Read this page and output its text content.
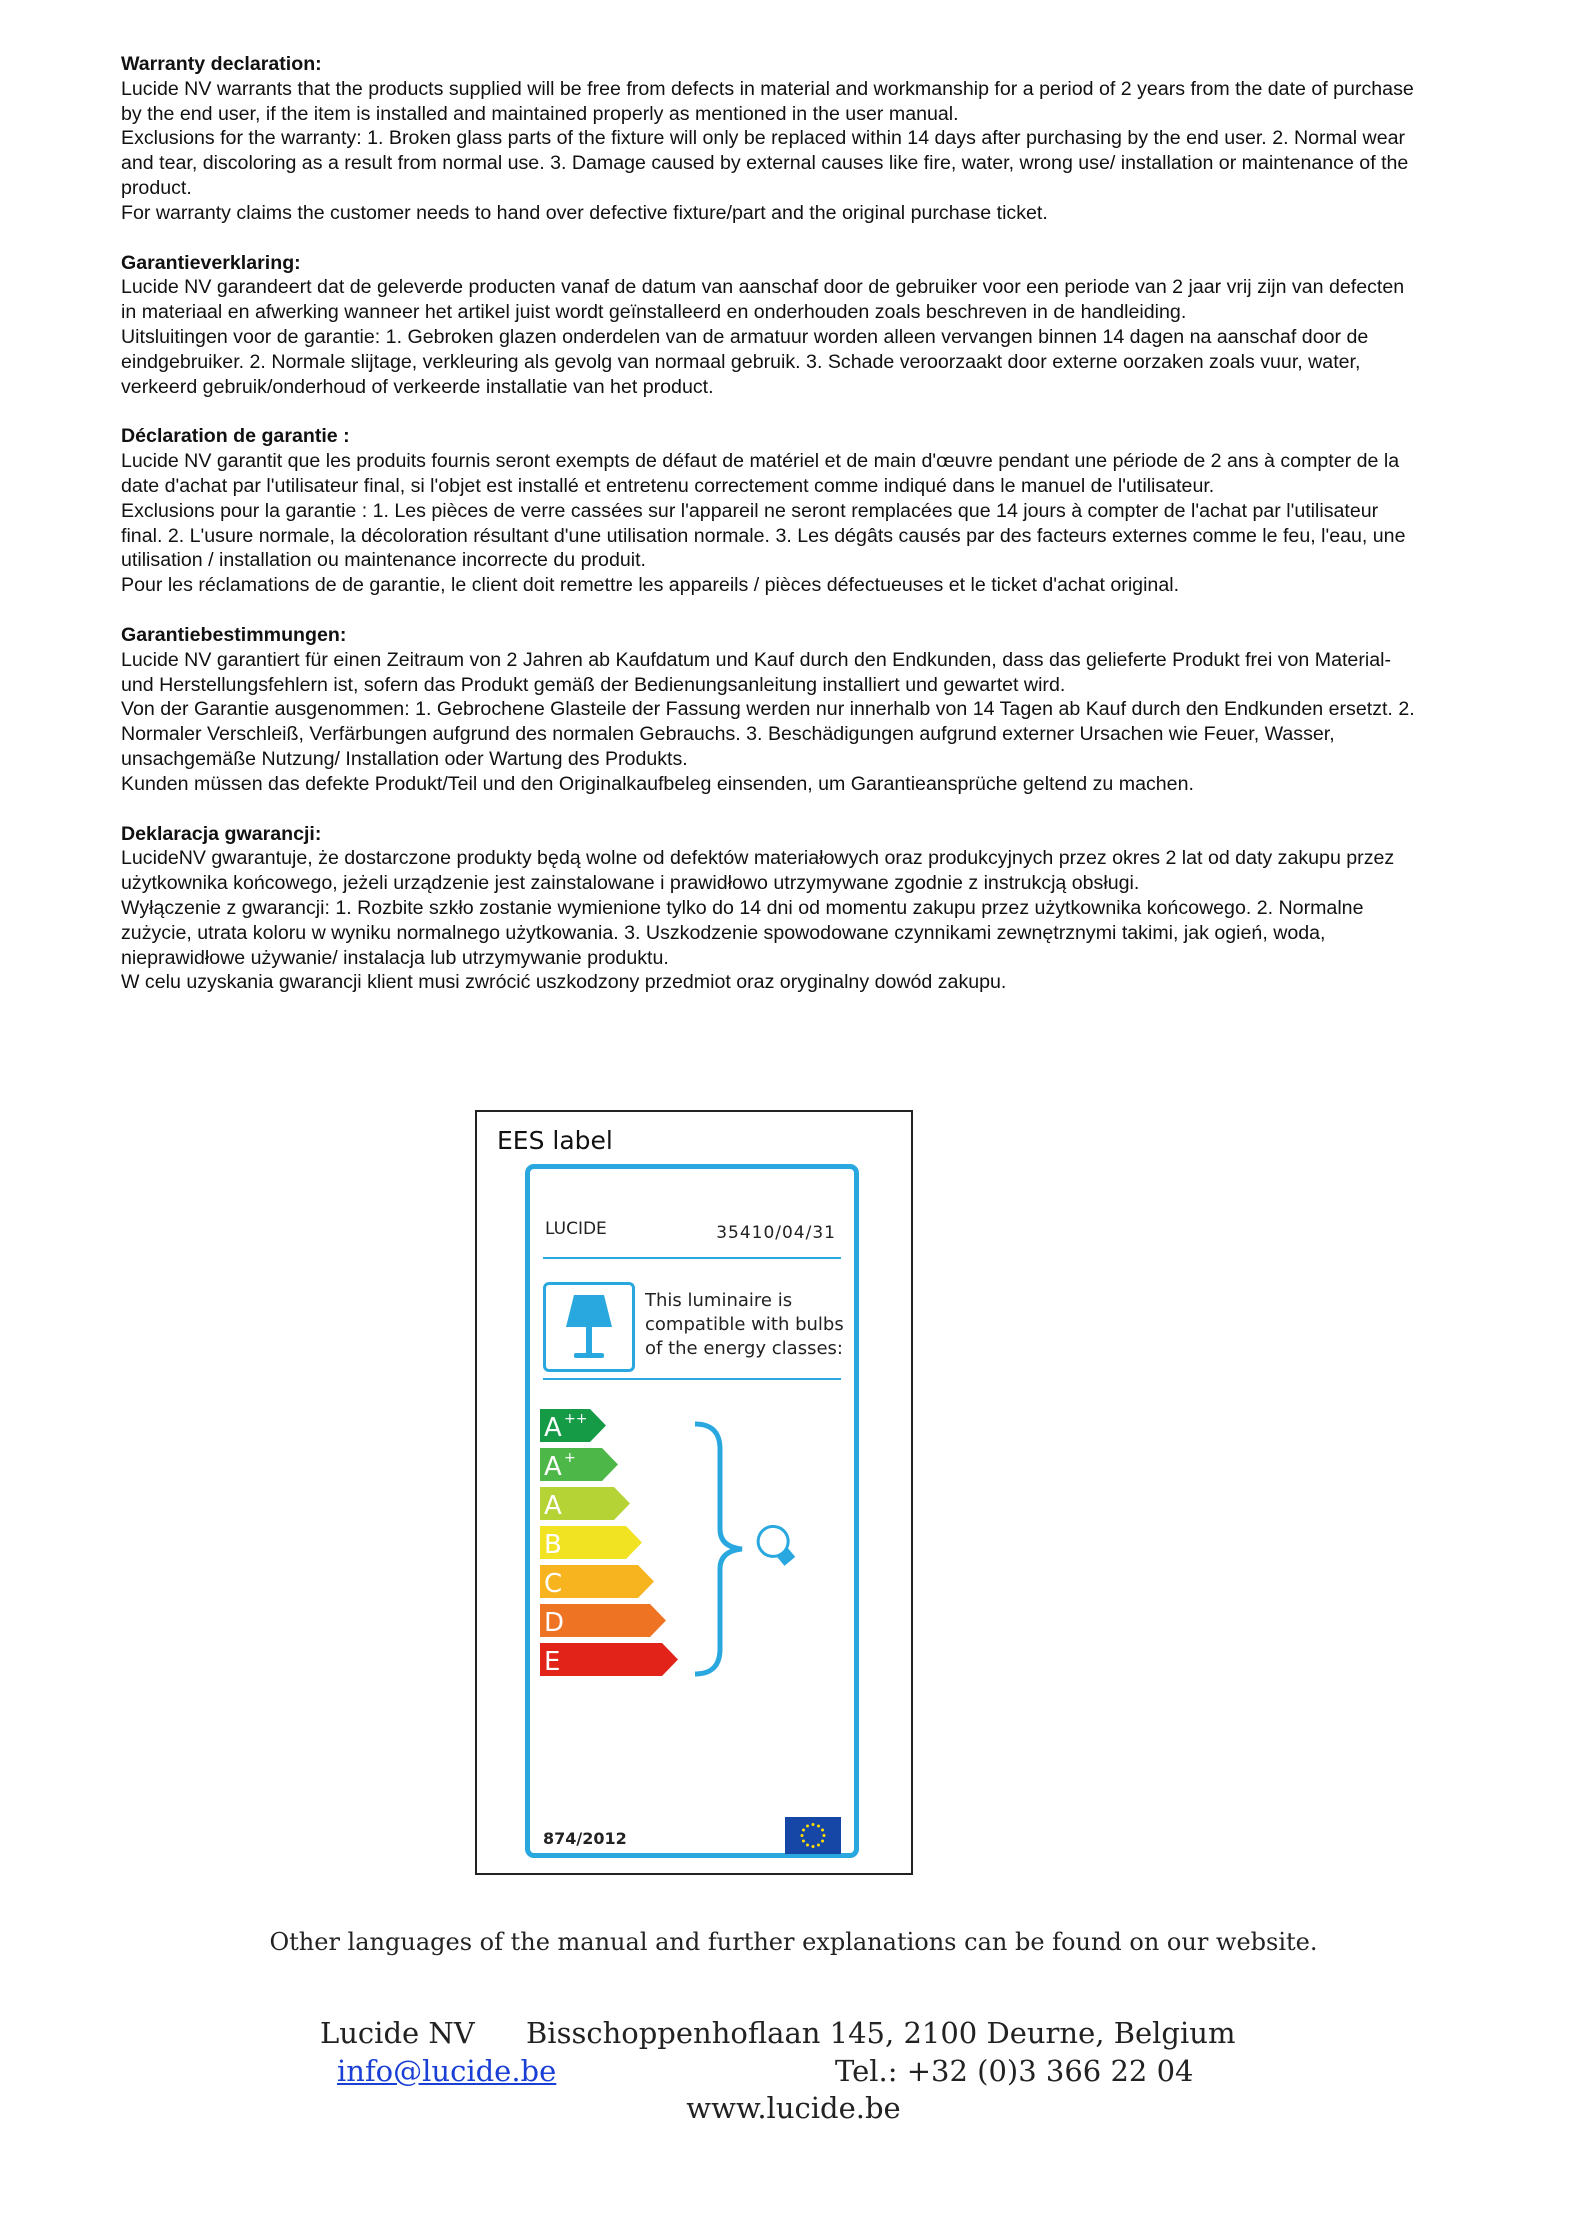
Warranty declaration:

Lucide NV warrants that the products supplied will be free from defects in material and workmanship for a period of 2 years from the date of purchase by the end user, if the item is installed and maintained properly as mentioned in the user manual.

Exclusions for the warranty: 1. Broken glass parts of the fixture will only be replaced within 14 days after purchasing by the end user. 2. Normal wear and tear, discoloring as a result from normal use. 3. Damage caused by external causes like fire, water, wrong use/ installation or maintenance of the product.

For warranty claims the customer needs to hand over defective fixture/part and the original purchase ticket.

Garantieverklaring:

Lucide NV garandeert dat de geleverde producten vanaf de datum van aanschaf door de gebruiker voor een periode van 2 jaar vrij zijn van defecten in materiaal en afwerking wanneer het artikel juist wordt geïnstalleerd en onderhouden zoals beschreven in de handleiding.

Uitsluitingen voor de garantie: 1. Gebroken glazen onderdelen van de armatuur worden alleen vervangen binnen 14 dagen na aanschaf door de eindgebruiker. 2. Normale slijtage, verkleuring als gevolg van normaal gebruik. 3. Schade veroorzaakt door externe oorzaken zoals vuur, water, verkeerd gebruik/onderhoud of verkeerde installatie van het product.

Déclaration de garantie :

Lucide NV garantit que les produits fournis seront exempts de défaut de matériel et de main d'œuvre pendant une période de 2 ans à compter de la date d'achat par l'utilisateur final, si l'objet est installé et entretenu correctement comme indiqué dans le manuel de l'utilisateur.

Exclusions pour la garantie : 1. Les pièces de verre cassées sur l'appareil ne seront remplacées que 14 jours à compter de l'achat par l'utilisateur final. 2. L'usure normale, la décoloration résultant d'une utilisation normale. 3. Les dégâts causés par des facteurs externes comme le feu, l'eau, une utilisation / installation ou maintenance incorrecte du produit.

Pour les réclamations de de garantie, le client doit remettre les appareils / pièces défectueuses et le ticket d'achat original.

Garantiebestimmungen:

Lucide NV garantiert für einen Zeitraum von 2 Jahren ab Kaufdatum und Kauf durch den Endkunden, dass das gelieferte Produkt frei von Material- und Herstellungsfehlern ist, sofern das Produkt gemäß der Bedienungsanleitung installiert und gewartet wird.

Von der Garantie ausgenommen: 1. Gebrochene Glasteile der Fassung werden nur innerhalb von 14 Tagen ab Kauf durch den Endkunden ersetzt. 2. Normaler Verschleiß, Verfärbungen aufgrund des normalen Gebrauchs. 3. Beschädigungen aufgrund externer Ursachen wie Feuer, Wasser, unsachgemäße Nutzung/ Installation oder Wartung des Produkts.

Kunden müssen das defekte Produkt/Teil und den Originalkaufbeleg einsenden, um Garantieansprüche geltend zu machen.

Deklaracja gwarancji:

LucideNV gwarantuje, że dostarczone produkty będą wolne od defektów materiałowych oraz produkcyjnych przez okres 2 lat od daty zakupu przez użytkownika końcowego, jeżeli urządzenie jest zainstalowane i prawidłowo utrzymywane zgodnie z instrukcją obsługi.

Wyłączenie z gwarancji: 1. Rozbite szkło zostanie wymienione tylko do 14 dni od momentu zakupu przez użytkownika końcowego. 2. Normalne zużycie, utrata koloru w wyniku normalnego użytkowania. 3. Uszkodzenie spowodowane czynnikami zewnętrznymi takimi, jak ogień, woda, nieprawidłowe używanie/ instalacja lub utrzymywanie produktu.

W celu uzyskania gwarancji klient musi zwrócić uszkodzony przedmiot oraz oryginalny dowód zakupu.

EES label
LUCIDE	35410/04/31
This luminaire is compatible with bulbs of the energy classes:
A ++
A +
A
B
C
D
E
874/2012
Other languages of the manual and further explanations can be found on our website.
Lucide NV Bisschoppenhoflaan 145, 2100 Deurne, Belgium
info@lucide.be	Tel.: +32 (0)3 366 22 04
www.lucide.be
